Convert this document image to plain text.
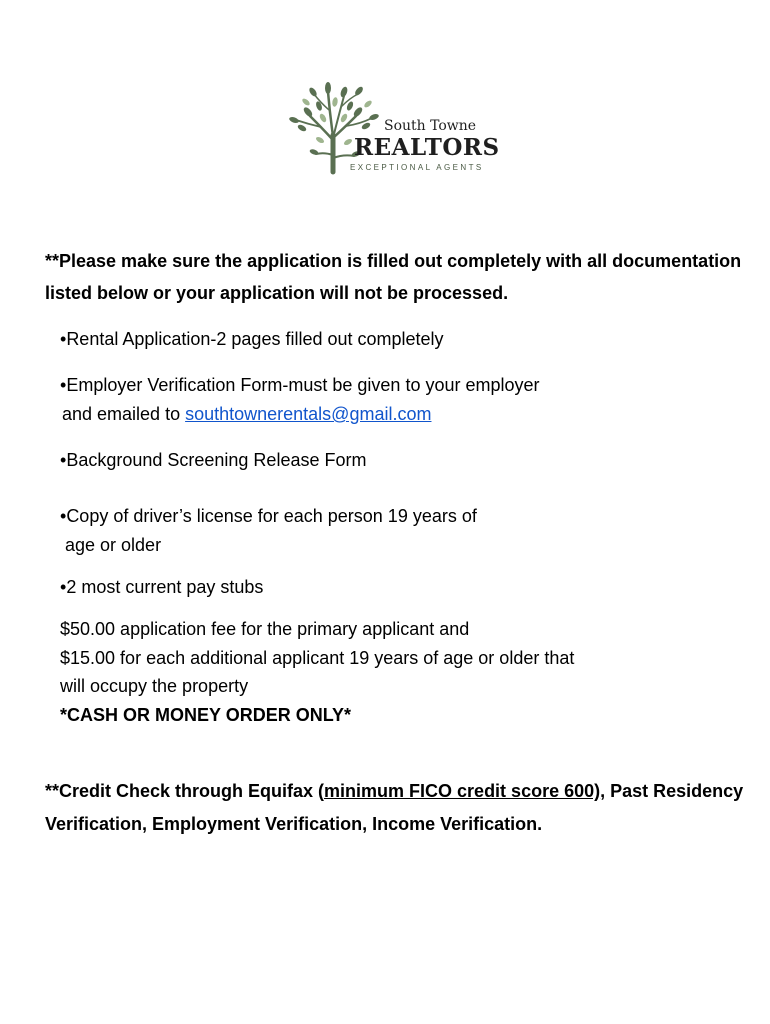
South Towne
REALTORS
EXCEPTIONAL AGENTS
**Please make sure the application is filled out completely with all documentation listed below or your application will not be processed.
•Rental Application-2 pages filled out completely
•Employer Verification Form-must be given to your employer
and emailed to southtownerentals@gmail.com
•Background Screening Release Form
•Copy of driver’s license for each person 19 years of
age or older
•2 most current pay stubs
$50.00 application fee for the primary applicant and
$15.00 for each additional applicant 19 years of age or older that
will occupy the property
*CASH OR MONEY ORDER ONLY*
**Credit Check through Equifax (minimum FICO credit score 600), Past Residency Verification, Employment Verification, Income Verification.
